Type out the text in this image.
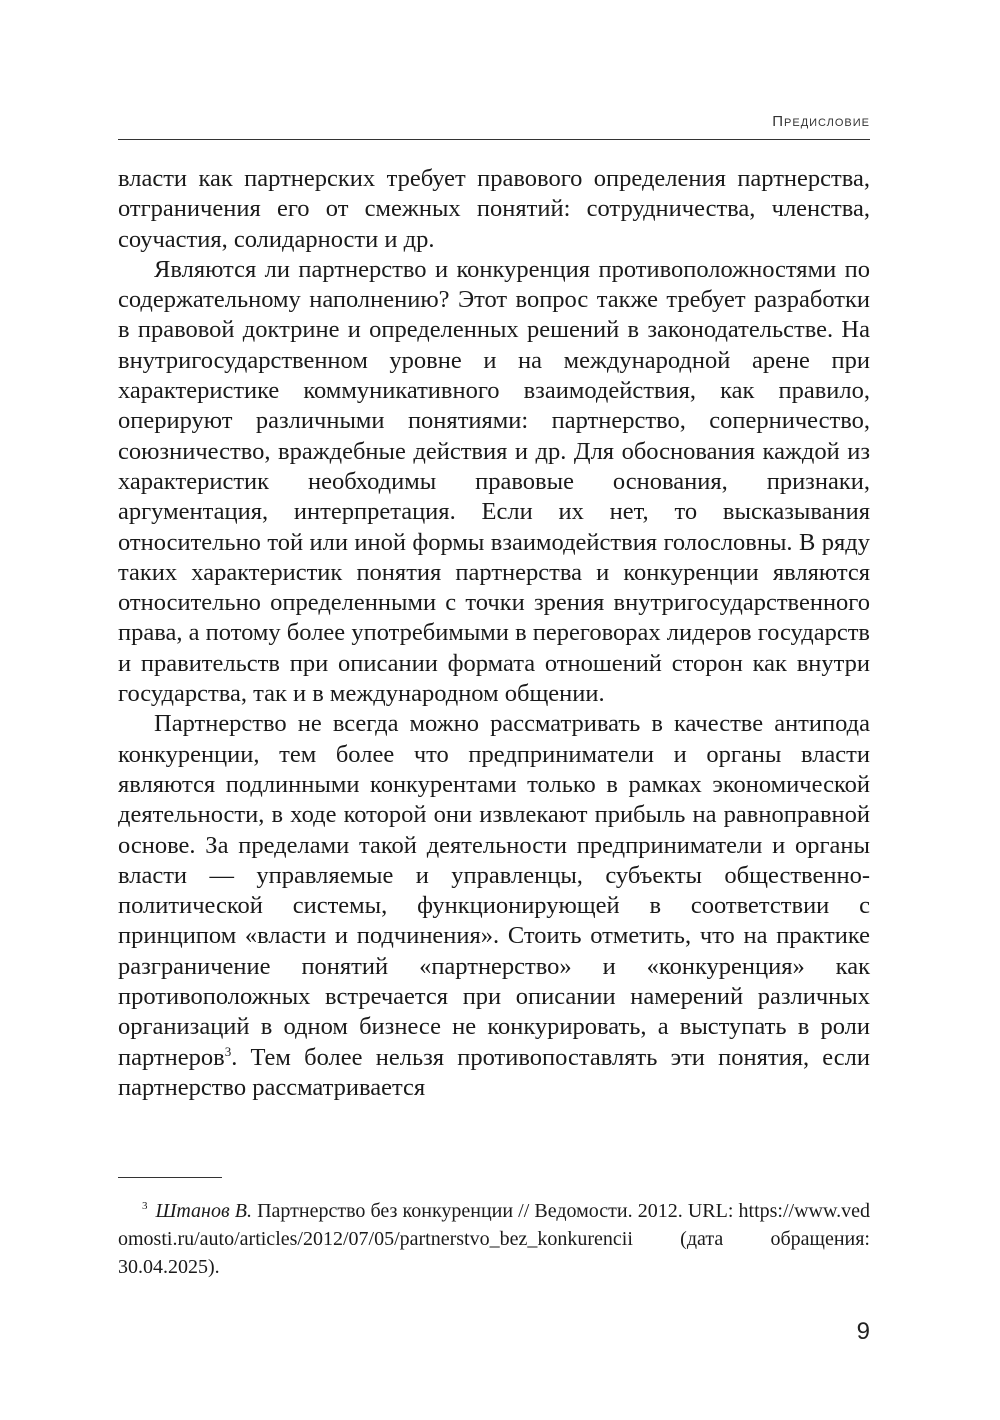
Предисловие

власти как партнерских требует правового определения партнерства, отграничения его от смежных понятий: сотрудничества, членства, соучастия, солидарности и др.

Являются ли партнерство и конкуренция противоположностями по содержательному наполнению? Этот вопрос также требует разработки в правовой доктрине и определенных решений в законодательстве. На внутригосударственном уровне и на международной арене при характеристике коммуникативного взаимодействия, как правило, оперируют различными понятиями: партнерство, соперничество, союзничество, враждебные действия и др. Для обоснования каждой из характеристик необходимы правовые основания, признаки, аргументация, интерпретация. Если их нет, то высказывания относительно той или иной формы взаимодействия голословны. В ряду таких характеристик понятия партнерства и конкуренции являются относительно определенными с точки зрения внутригосударственного права, а потому более употребимыми в переговорах лидеров государств и правительств при описании формата отношений сторон как внутри государства, так и в международном общении.

Партнерство не всегда можно рассматривать в качестве антипода конкуренции, тем более что предприниматели и органы власти являются подлинными конкурентами только в рамках экономической деятельности, в ходе которой они извлекают прибыль на равноправной основе. За пределами такой деятельности предприниматели и органы власти — управляемые и управленцы, субъекты общественно-политической системы, функционирующей в соответствии с принципом «власти и подчинения». Стоить отметить, что на практике разграничение понятий «партнерство» и «конкуренция» как противоположных встречается при описании намерений различных организаций в одном бизнесе не конкурировать, а выступать в роли партнеров$^3$. Тем более нельзя противопоставлять эти понятия, если партнерство рассматривается

$^3$ Штанов В. Партнерство без конкуренции // Ведомости. 2012. URL: https://www.vedomosti.ru/auto/articles/2012/07/05/partnerstvo_bez_konkurencii (дата обращения: 30.04.2025).

9
